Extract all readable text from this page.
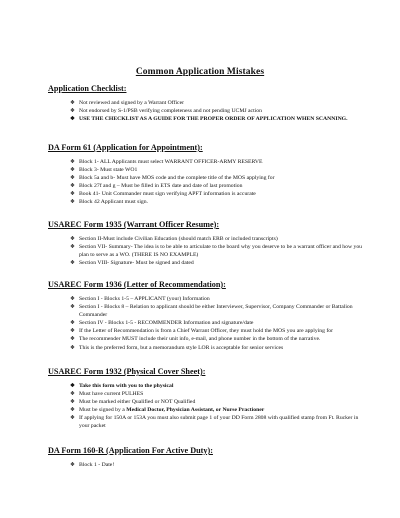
Common Application Mistakes
Application Checklist:
❖ Not reviewed and signed by a Warrant Officer
❖ Not endorsed by S-1/PSB verifying completeness and not pending UCMJ action
❖ USE THE CHECKLIST AS A GUIDE FOR THE PROPER ORDER OF APPLICATION WHEN SCANNING.
DA Form 61 (Application for Appointment):
❖ Block 1- ALL Applicants must select WARRANT OFFICER-ARMY RESERVE
❖ Block 3- Must state WO1
❖ Block 5a and b- Must have MOS code and the complete title of the MOS applying for
❖ Block 27f and g – Must be filled in ETS date and date of last promotion
❖ Book 41- Unit Commander must sign verifying APFT information is accurate
❖ Block 42 Applicant must sign.
USAREC Form 1935 (Warrant Officer Resume):
❖ Section II-Must include Civilian Education (should match ERB or included transcripts)
❖ Section VII- Summary- The idea is to be able to articulate to the board why you deserve to be a warrant officer and how you plan to serve as a WO. (THERE IS NO EXAMPLE)
❖ Section VIII- Signature- Must be signed and dated
USAREC Form 1936 (Letter of Recommendation):
❖ Section I - Blocks 1-5 – APPLICANT (your) Information
❖ Section I - Blocks 8 – Relation to applicant should be either Interviewer, Supervisor, Company Commander or Battalion Commander
❖ Section IV - Blocks 1-5 - RECOMMENDER Information and signature/date
❖ If the Letter of Recommendation is from a Chief Warrant Officer, they must hold the MOS you are applying for
❖ The recommender MUST include their unit info, e-mail, and phone number in the bottom of the narrative.
❖ This is the preferred form, but a memorandum style LOR is acceptable for senior services
USAREC Form 1932 (Physical Cover Sheet):
❖ Take this form with you to the physical
❖ Must have current PULHES
❖ Must be marked either Qualified or NOT Qualified
❖ Must be signed by a Medical Doctor, Physician Assistant, or Nurse Practioner
❖ If applying for 150A or 153A you must also submit page 1 of your DD Form 2808 with qualified stamp from Ft. Rucker in your packet
DA Form 160-R (Application For Active Duty):
❖ Block 1 - Date!
